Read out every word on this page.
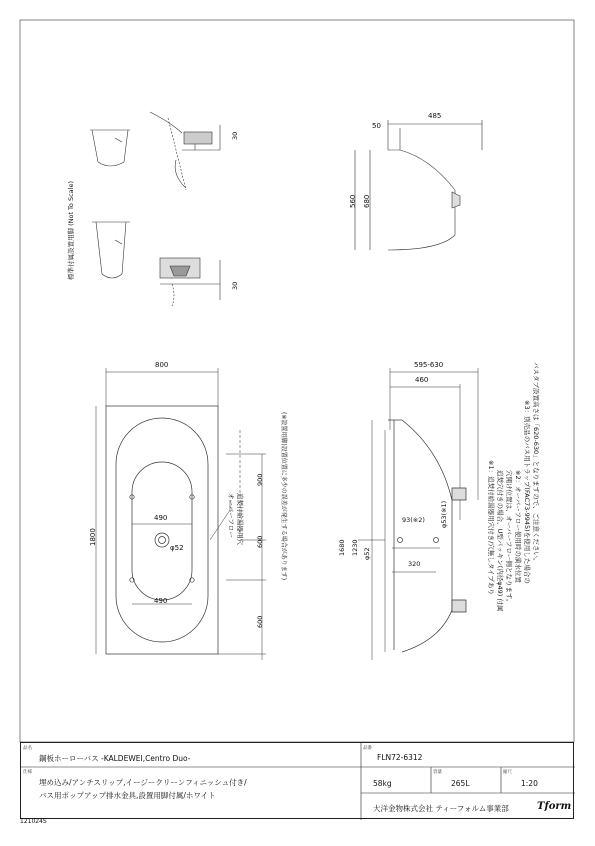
標準付属設置用脚 (Not To Scale)
30
30
680
560
485
50
800
1800
490
490
φ52
900
600
600
追焚付給湯器用穴
オーバーフロー	(※設置用脚)設置位置に多少の誤差が発生する場合があります)
595-630
460
1680 1230 φ52
φ53(※1)
93(※2)
320	※1：追焚付給湯器用穴付き/穴無しタイプあり 追焚穴付きの場合、U型パッキン(内径φ49) 付属 穴開け位置は、オーバーフロー側となります。 ※2：オーバーフロー使用時の満水位置 ※3：別売品のバス用トラップ(FAC73-9945)を使用した場合の バスタブ設置高さは「620-630」となりますので、ご注意ください。
品名
鋼板ホーローバス -KALDEWEI,Centro Duo-
品番
FLN72-6312
仕様
埋め込み/アンチスリップ,イージークリーンフィニッシュ付き/
バス用ポップアップ排水金具,設置用脚付属/ホワイト
58kg
容量
265L
縮尺
1:20
大洋金物株式会社 ティーフォルム事業部	Tform
121024S
